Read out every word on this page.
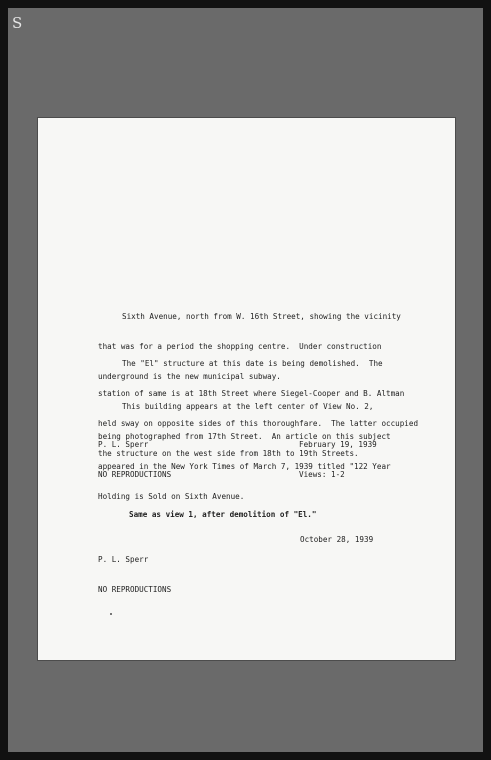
S

Sixth Avenue, north from W. 16th Street, showing the vicinity

that was for a period the shopping centre.  Under construction

underground is the new municipal subway.

The "El" structure at this date is being demolished.  The

station of same is at 18th Street where Siegel-Cooper and B. Altman

held sway on opposite sides of this thoroughfare.  The latter occupied

the structure on the west side from 18th to 19th Streets.

This building appears at the left center of View No. 2,

being photographed from 17th Street.  An article on this subject

appeared in the New York Times of March 7, 1939 titled "122 Year

Holding is Sold on Sixth Avenue.

February 19, 1939

Views: 1-2

P. L. Sperr

NO REPRODUCTIONS

Same as view 1, after demolition of "El."

P. L. Sperr

NO REPRODUCTIONS

October 28, 1939
